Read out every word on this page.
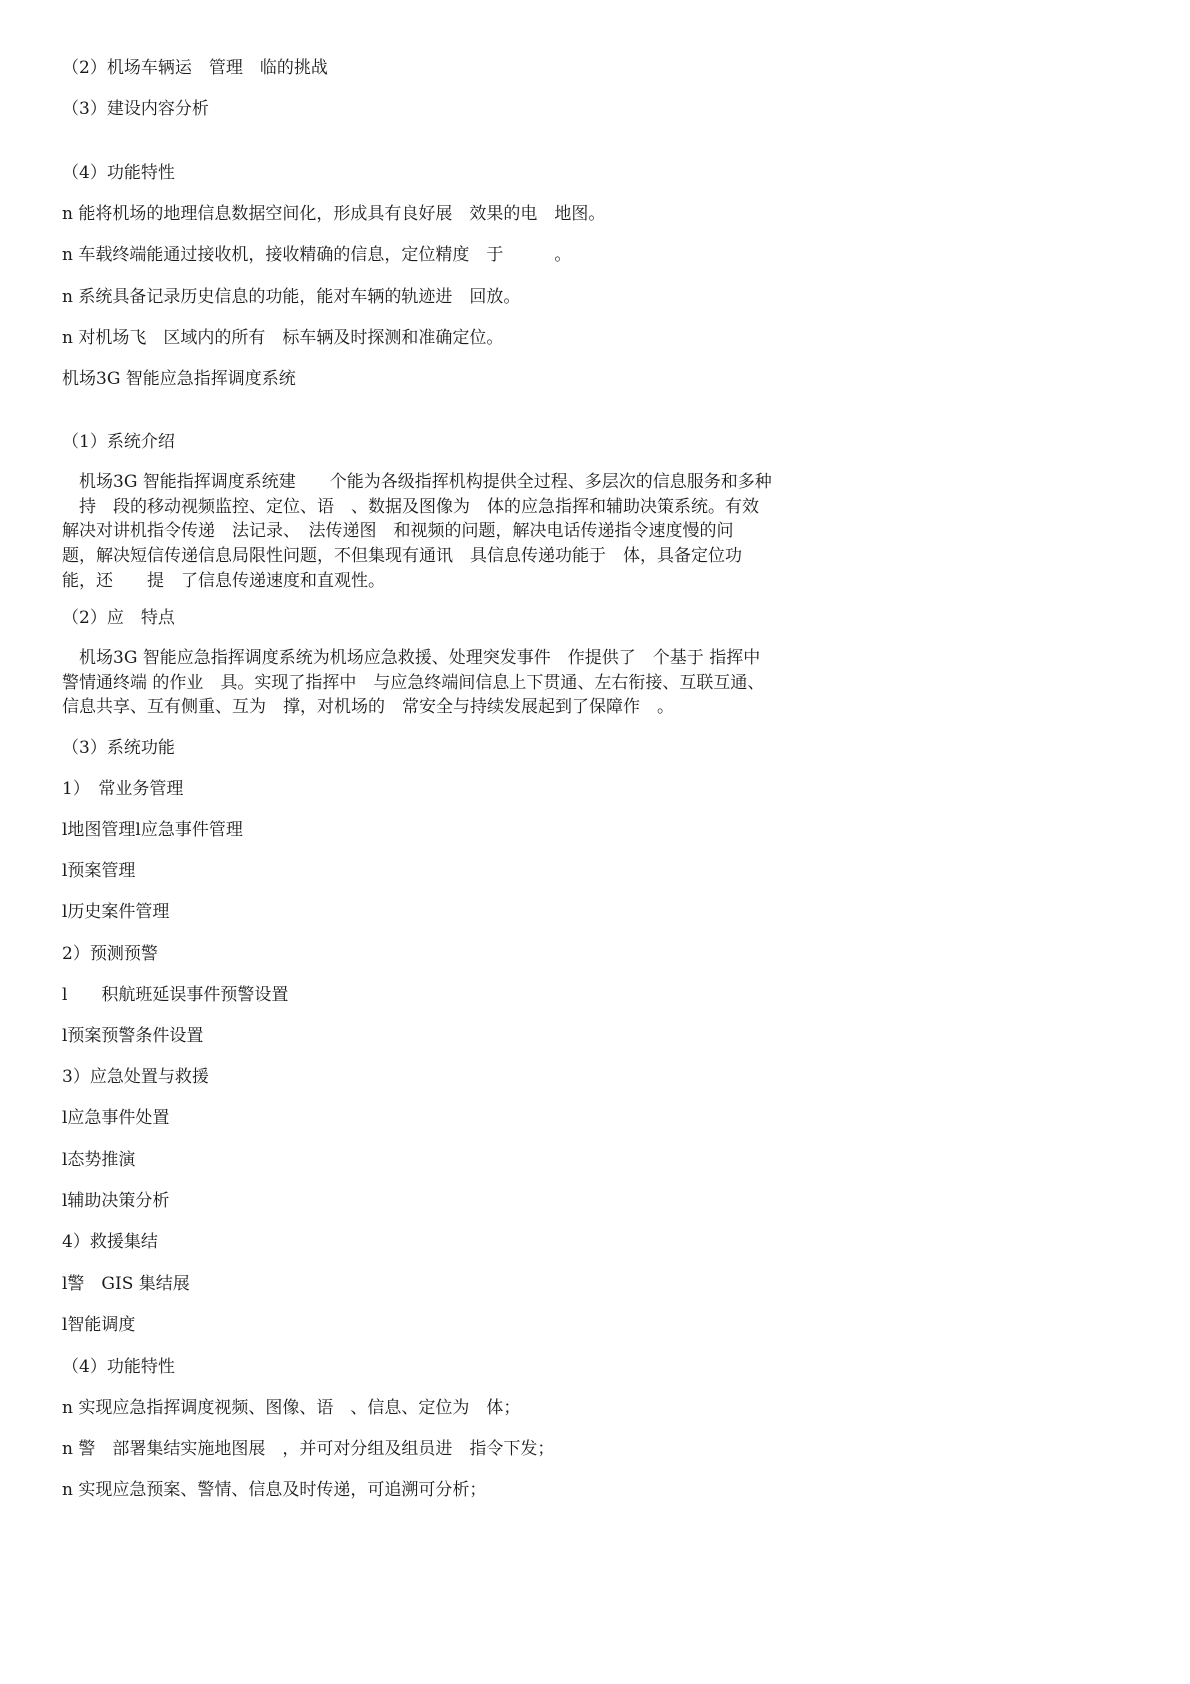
（2）机场车辆运　管理　临的挑战
（3）建设内容分析
（4）功能特性
n 能将机场的地理信息数据空间化，形成具有良好展　效果的电　地图。
n 车载终端能通过接收机，接收精确的信息，定位精度　于　　　。
n 系统具备记录历史信息的功能，能对车辆的轨迹进　回放。
n 对机场飞　区域内的所有　标车辆及时探测和准确定位。
机场3G 智能应急指挥调度系统
（1）系统介绍
　机场3G 智能指挥调度系统建　　个能为各级指挥机构提供全过程、多层次的信息服务和多种
　持　段的移动视频监控、定位、语　、数据及图像为　体的应急指挥和辅助决策系统。有效
解决对讲机指令传递　法记录、　法传递图　和视频的问题，解决电话传递指令速度慢的问
题，解决短信传递信息局限性问题，不但集现有通讯　具信息传递功能于　体，具备定位功
能，还　　提　了信息传递速度和直观性。
（2）应　特点
　机场3G 智能应急指挥调度系统为机场应急救援、处理突发事件　作提供了　个基于 指挥中
警情通终端 的作业　具。实现了指挥中　与应急终端间信息上下贯通、左右衔接、互联互通、
信息共享、互有侧重、互为　撑，对机场的　常安全与持续发展起到了保障作　。
（3）系统功能
1）　常业务管理
l地图管理l应急事件管理
l预案管理
l历史案件管理
2）预测预警
l　　积航班延误事件预警设置
l预案预警条件设置
3）应急处置与救援
l应急事件处置
l态势推演
l辅助决策分析
4）救援集结
l警　GIS 集结展
l智能调度
（4）功能特性
n 实现应急指挥调度视频、图像、语　、信息、定位为　体；
n 警　部署集结实施地图展　，并可对分组及组员进　指令下发；
n 实现应急预案、警情、信息及时传递，可追溯可分析；
